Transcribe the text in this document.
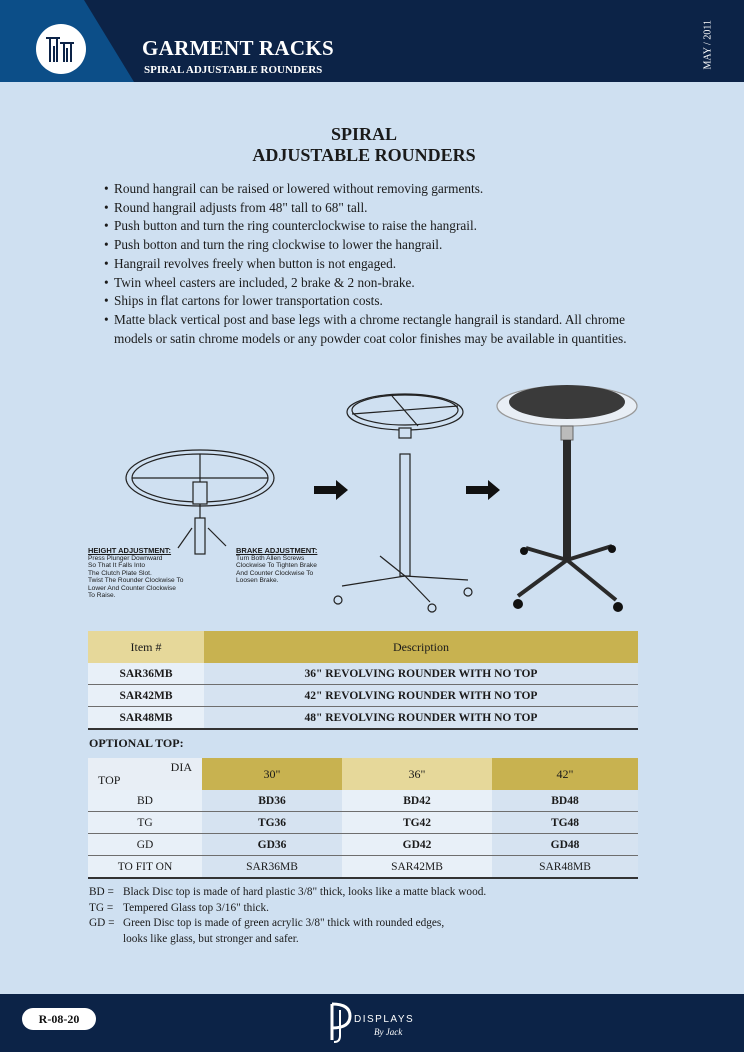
GARMENT RACKS
SPIRAL ADJUSTABLE ROUNDERS
MAY / 2011
SPIRAL
ADJUSTABLE ROUNDERS
• Round hangrail can be raised or lowered without removing garments.
• Round hangrail adjusts from 48" tall to 68" tall.
• Push button and turn the ring counterclockwise to raise the hangrail.
• Push botton and turn the ring clockwise to lower the hangrail.
• Hangrail revolves freely when button is not engaged.
• Twin wheel casters are included, 2 brake & 2 non-brake.
• Ships in flat cartons for lower transportation costs.
• Matte black vertical post and base legs with a chrome rectangle hangrail is standard. All chrome models or satin chrome models or any powder coat color finishes may be available in quantities.
HEIGHT ADJUSTMENT:
Press Plunger Downward
So That It Falls Into
The Clutch Plate Slot.
Twist The Rounder Clockwise To
Lower And Counter Clockwise
To Raise.
BRAKE ADJUSTMENT:
Turn Both Allen Screws
Clockwise To Tighten Brake
And Counter Clockwise To
Loosen Brake.
Item #	Description
SAR36MB	36" REVOLVING ROUNDER WITH NO TOP
SAR42MB	42" REVOLVING ROUNDER WITH NO TOP
SAR48MB	48" REVOLVING ROUNDER WITH NO TOP
OPTIONAL TOP:
DIA
TOP	30"	36"	42"
BD	BD36	BD42	BD48
TG	TG36	TG42	TG48
GD	GD36	GD42	GD48
TO FIT ON	SAR36MB	SAR42MB	SAR48MB
BD = Black Disc top is made of hard plastic 3/8" thick, looks like a matte black wood.
TG = Tempered Glass top 3/16" thick.
GD = Green Disc top is made of green acrylic 3/8" thick with rounded edges,
looks like glass, but stronger and safer.
R-08-20	DISPLAYS
By Jack
